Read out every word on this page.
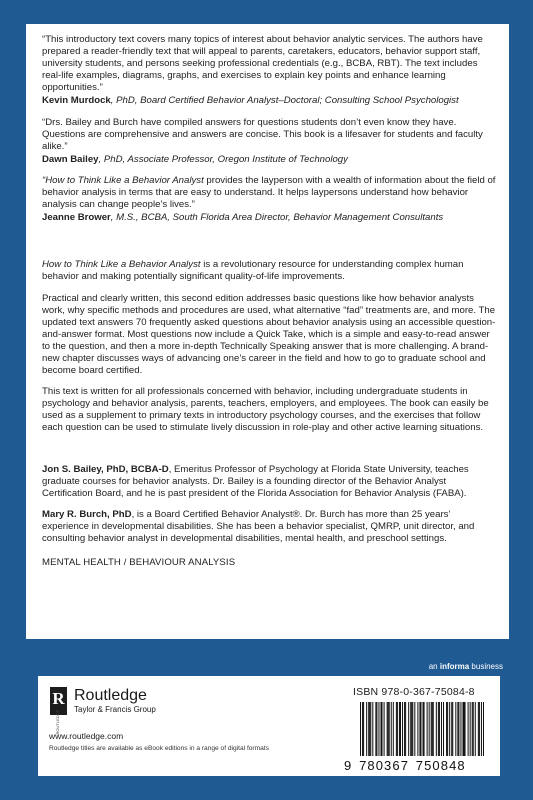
“This introductory text covers many topics of interest about behavior analytic services. The authors have prepared a reader-friendly text that will appeal to parents, caretakers, educators, behavior support staff, university students, and persons seeking professional credentials (e.g., BCBA, RBT). The text includes real-life examples, diagrams, graphs, and exercises to explain key points and enhance learning opportunities.”

Kevin Murdock, PhD, Board Certified Behavior Analyst–Doctoral; Consulting School Psychologist

“Drs. Bailey and Burch have compiled answers for questions students don’t even know they have. Questions are comprehensive and answers are concise. This book is a lifesaver for students and faculty alike.”

Dawn Bailey, PhD, Associate Professor, Oregon Institute of Technology

“How to Think Like a Behavior Analyst provides the layperson with a wealth of information about the field of behavior analysis in terms that are easy to understand. It helps laypersons understand how behavior analysis can change people’s lives.”

Jeanne Brower, M.S., BCBA, South Florida Area Director, Behavior Management Consultants

How to Think Like a Behavior Analyst is a revolutionary resource for understanding complex human behavior and making potentially significant quality-of-life improvements.

Practical and clearly written, this second edition addresses basic questions like how behavior analysts work, why specific methods and procedures are used, what alternative “fad” treatments are, and more. The updated text answers 70 frequently asked questions about behavior analysis using an accessible question-and-answer format. Most questions now include a Quick Take, which is a simple and easy-to-read answer to the question, and then a more in-depth Technically Speaking answer that is more challenging. A brand-new chapter discusses ways of advancing one’s career in the field and how to go to graduate school and become board certified.

This text is written for all professionals concerned with behavior, including undergraduate students in psychology and behavior analysis, parents, teachers, employers, and employees. The book can easily be used as a supplement to primary texts in introductory psychology courses, and the exercises that follow each question can be used to stimulate lively discussion in role-play and other active learning situations.

Jon S. Bailey, PhD, BCBA-D, Emeritus Professor of Psychology at Florida State University, teaches graduate courses for behavior analysts. Dr. Bailey is a founding director of the Behavior Analyst Certification Board, and he is past president of the Florida Association for Behavior Analysis (FABA).

Mary R. Burch, PhD, is a Board Certified Behavior Analyst®. Dr. Burch has more than 25 years’ experience in developmental disabilities. She has been a behavior specialist, QMRP, unit director, and consulting behavior analyst in developmental disabilities, mental health, and preschool settings.

MENTAL HEALTH / BEHAVIOUR ANALYSIS

an informa business
R
ROUTLEDGE
Routledge
Taylor & Francis Group
www.routledge.com
Routledge titles are available as eBook editions in a range of digital formats
ISBN 978-0-367-75084-8
9 780367 750848
